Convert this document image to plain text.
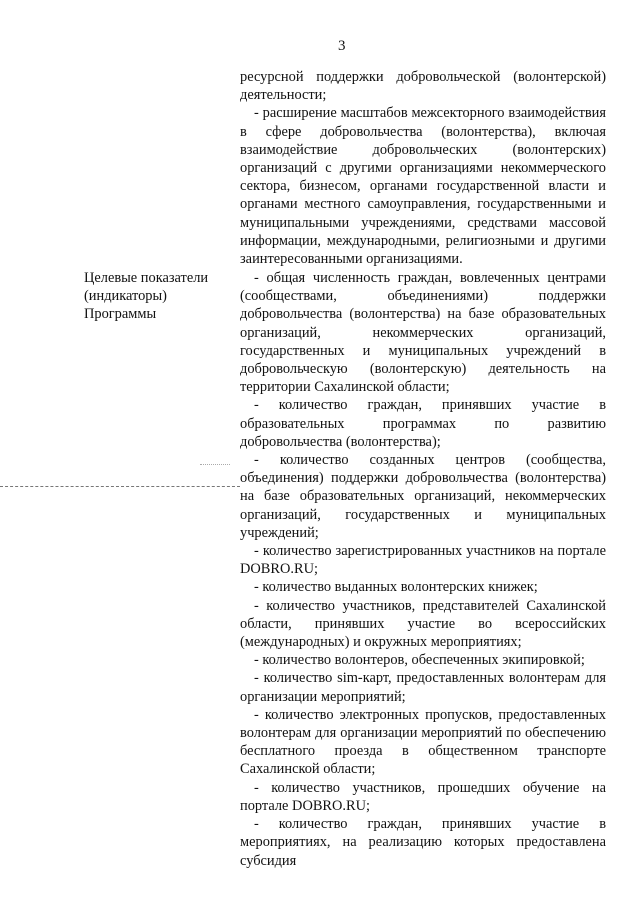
3

ресурсной поддержки добровольческой (волонтерской) деятельности;

- расширение масштабов межсекторного взаимодействия в сфере добровольчества (волонтерства), включая взаимодействие добровольческих (волонтерских) организаций с другими организациями некоммерческого сектора, бизнесом, органами государственной власти и органами местного самоуправления, государственными и муниципальными учреждениями, средствами массовой информации, международными, религиозными и другими заинтересованными организациями.

Целевые показатели (индикаторы) Программы

- общая численность граждан, вовлеченных центрами (сообществами, объединениями) поддержки добровольчества (волонтерства) на базе образовательных организаций, некоммерческих организаций, государственных и муниципальных учреждений в добровольческую (волонтерскую) деятельность на территории Сахалинской области;

- количество граждан, принявших участие в образовательных программах по развитию добровольчества (волонтерства);

- количество созданных центров (сообщества, объединения) поддержки добровольчества (волонтерства) на базе образовательных организаций, некоммерческих организаций, государственных и муниципальных учреждений;

- количество зарегистрированных участников на портале DOBRO.RU;

- количество выданных волонтерских книжек;

- количество участников, представителей Сахалинской области, принявших участие во всероссийских (международных) и окружных мероприятиях;

- количество волонтеров, обеспеченных экипировкой;

- количество sim-карт, предоставленных волонтерам для организации мероприятий;

- количество электронных пропусков, предоставленных волонтерам для организации мероприятий по обеспечению бесплатного проезда в общественном транспорте Сахалинской области;

- количество участников, прошедших обучение на портале DOBRO.RU;

- количество граждан, принявших участие в мероприятиях, на реализацию которых предоставлена субсидия
